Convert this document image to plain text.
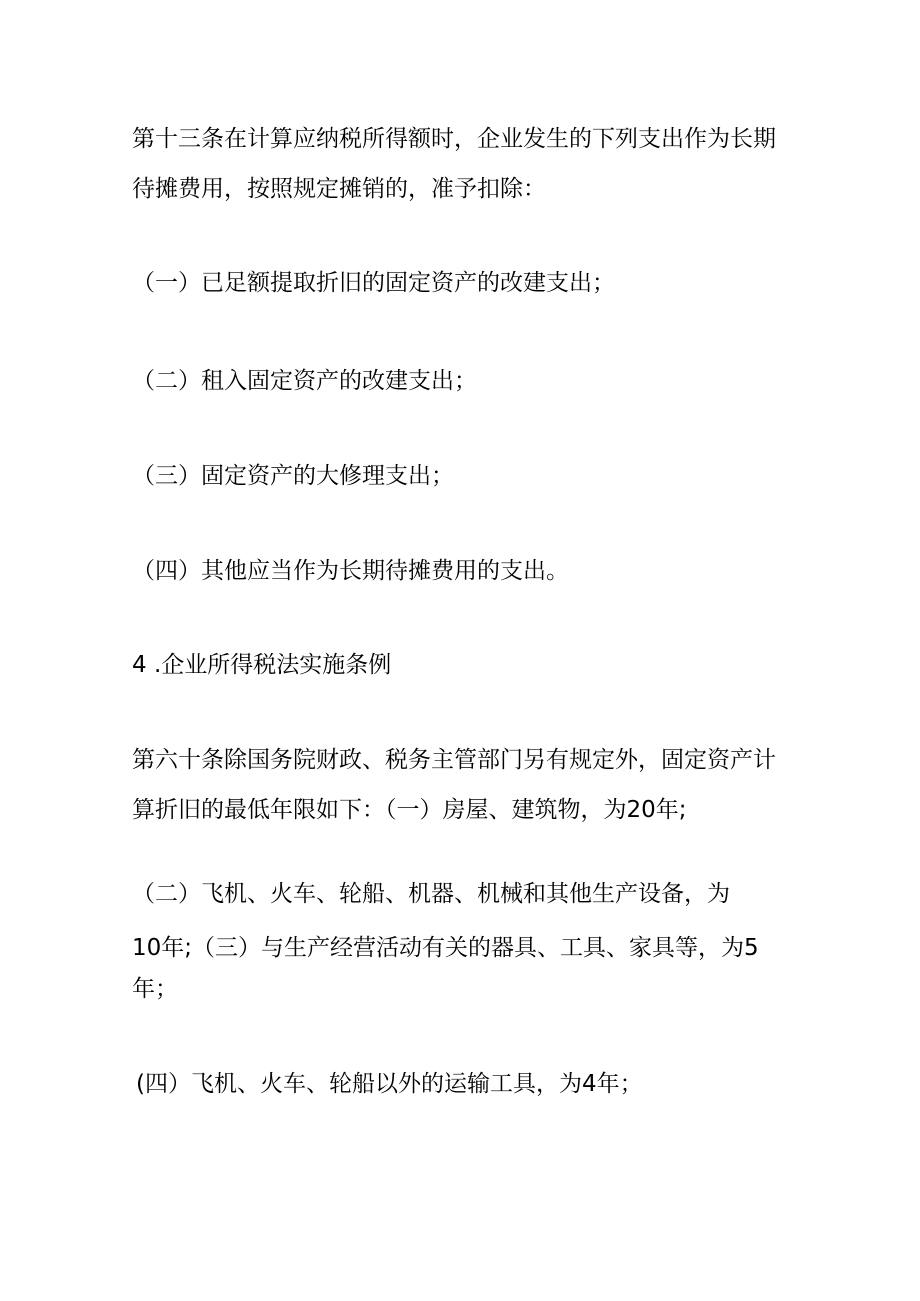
第十三条在计算应纳税所得额时，企业发生的下列支出作为长期

待摊费用，按照规定摊销的，准予扣除：

（一）已足额提取折旧的固定资产的改建支出；

（二）租入固定资产的改建支出；

（三）固定资产的大修理支出；

（四）其他应当作为长期待摊费用的支出。

4 .企业所得税法实施条例

第六十条除国务院财政、税务主管部门另有规定外，固定资产计

算折旧的最低年限如下：（一）房屋、建筑物，为20年;

（二）飞机、火车、轮船、机器、机械和其他生产设备，为

10年;（三）与生产经营活动有关的器具、工具、家具等，为5

年；

(四）飞机、火车、轮船以外的运输工具，为4年；
